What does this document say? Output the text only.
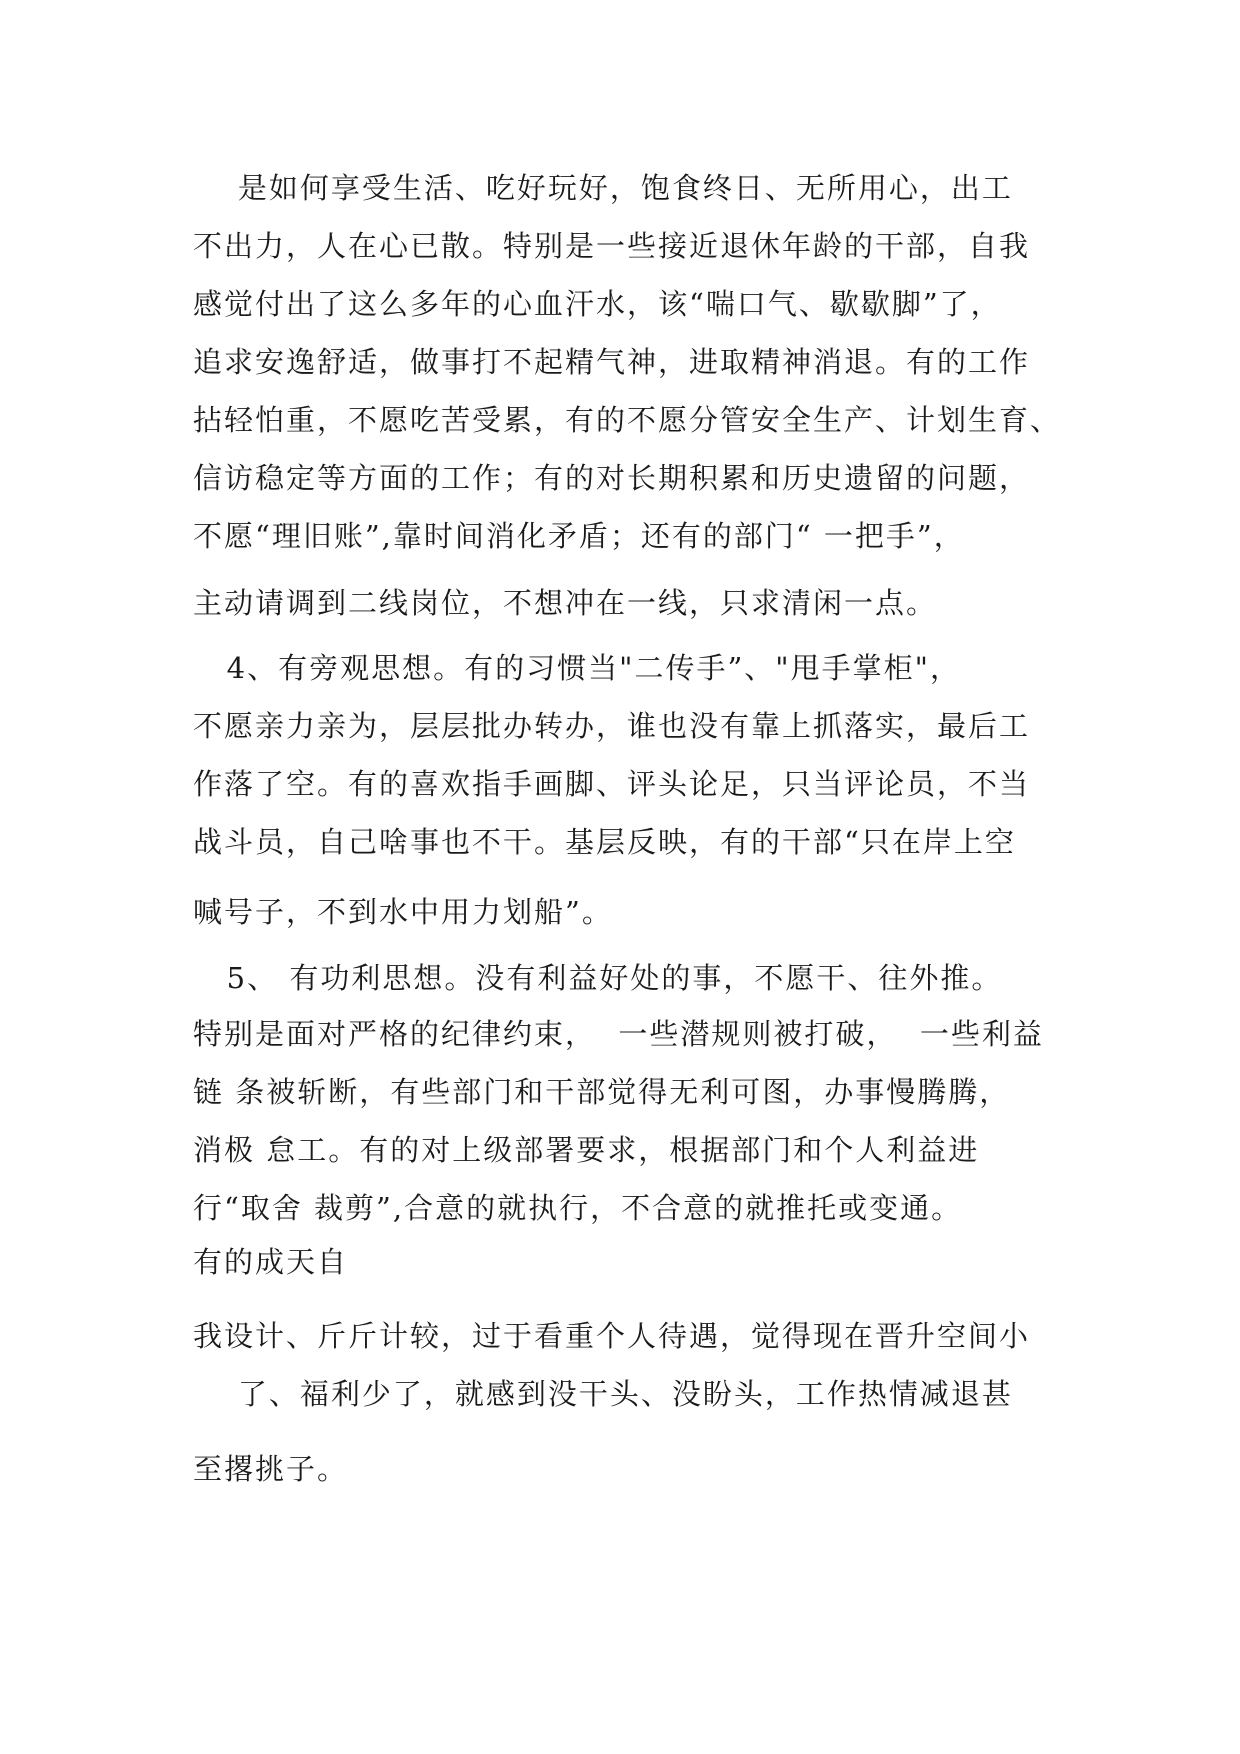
是如何享受生活、吃好玩好，饱食终日、无所用心，出工
不出力，人在心已散。特别是一些接近退休年龄的干部，自我
感觉付出了这么多年的心血汗水，该“喘口气、歇歇脚”了，
追求安逸舒适，做事打不起精气神，进取精神消退。有的工作
拈轻怕重，不愿吃苦受累，有的不愿分管安全生产、计划生育、
信访稳定等方面的工作；有的对长期积累和历史遗留的问题，
不愿“理旧账”,靠时间消化矛盾；还有的部门“ 一把手”，
主动请调到二线岗位，不想冲在一线，只求清闲一点。
4、有旁观思想。有的习惯当"二传手”、"甩手掌柜"，
不愿亲力亲为，层层批办转办，谁也没有靠上抓落实，最后工
作落了空。有的喜欢指手画脚、评头论足，只当评论员，不当
战斗员，自己啥事也不干。基层反映，有的干部“只在岸上空
喊号子，不到水中用力划船”。
5、 有功利思想。没有利益好处的事，不愿干、往外推。
特别是面对严格的纪律约束，  一些潜规则被打破，  一些利益
链 条被斩断，有些部门和干部觉得无利可图，办事慢腾腾，
消极 怠工。有的对上级部署要求，根据部门和个人利益进
行“取舍 裁剪”,合意的就执行，不合意的就推托或变通。
有的成天自
我设计、斤斤计较，过于看重个人待遇，觉得现在晋升空间小
了、福利少了，就感到没干头、没盼头，工作热情减退甚
至撂挑子。
